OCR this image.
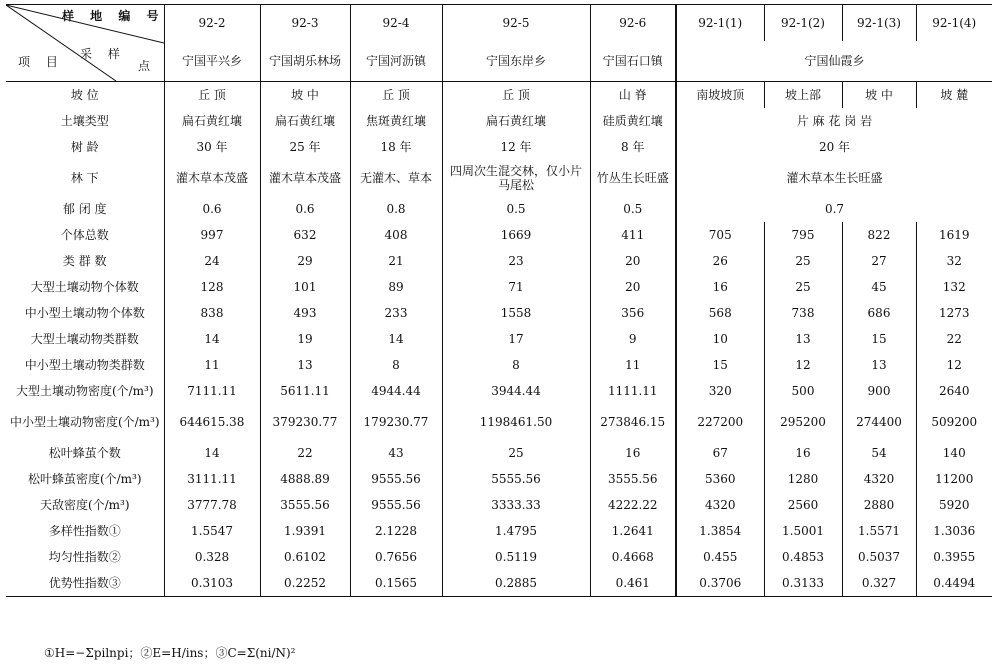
样 地 编 号
采 样
项 目 点	92-2	92-3	92-4	92-5	92-6	92-1(1)	92-1(2)	92-1(3)	92-1(4)
	宁国平兴乡	宁国胡乐林场	宁国河沥镇	宁国东岸乡	宁国石口镇	宁国仙霞乡			
坡 位	丘 顶	坡 中	丘 顶	丘 顶	山 脊	南坡坡顶	坡上部	坡 中	坡 麓
土壤类型	扁石黄红壤	扁石黄红壤	焦斑黄红壤	扁石黄红壤	硅质黄红壤	片 麻 花 岗 岩			
树 龄	30 年	25 年	18 年	12 年	8 年	20 年			
林 下	灌木草本茂盛	灌木草本茂盛	无灌木、草本	四周次生混交林，仅小片马尾松	竹丛生长旺盛	灌木草本生长旺盛			
郁 闭 度	0.6	0.6	0.8	0.5	0.5	0.7			
个体总数	997	632	408	1669	411	705	795	822	1619
类 群 数	24	29	21	23	20	26	25	27	32
大型土壤动物个体数	128	101	89	71	20	16	25	45	132
中小型土壤动物个体数	838	493	233	1558	356	568	738	686	1273
大型土壤动物类群数	14	19	14	17	9	10	13	15	22
中小型土壤动物类群数	11	13	8	8	11	15	12	13	12
大型土壤动物密度(个/m³)	7111.11	5611.11	4944.44	3944.44	1111.11	320	500	900	2640
中小型土壤动物密度(个/m³)	644615.38	379230.77	179230.77	1198461.50	273846.15	227200	295200	274400	509200
松叶蜂茧个数	14	22	43	25	16	67	16	54	140
松叶蜂茧密度(个/m³)	3111.11	4888.89	9555.56	5555.56	3555.56	5360	1280	4320	11200
天敌密度(个/m³)	3777.78	3555.56	9555.56	3333.33	4222.22	4320	2560	2880	5920
多样性指数①	1.5547	1.9391	2.1228	1.4795	1.2641	1.3854	1.5001	1.5571	1.3036
均匀性指数②	0.328	0.6102	0.7656	0.5119	0.4668	0.455	0.4853	0.5037	0.3955
优势性指数③	0.3103	0.2252	0.1565	0.2885	0.461	0.3706	0.3133	0.327	0.4494
①H=−Σpilnpi；②E=H/ins；③C=Σ(ni/N)²
